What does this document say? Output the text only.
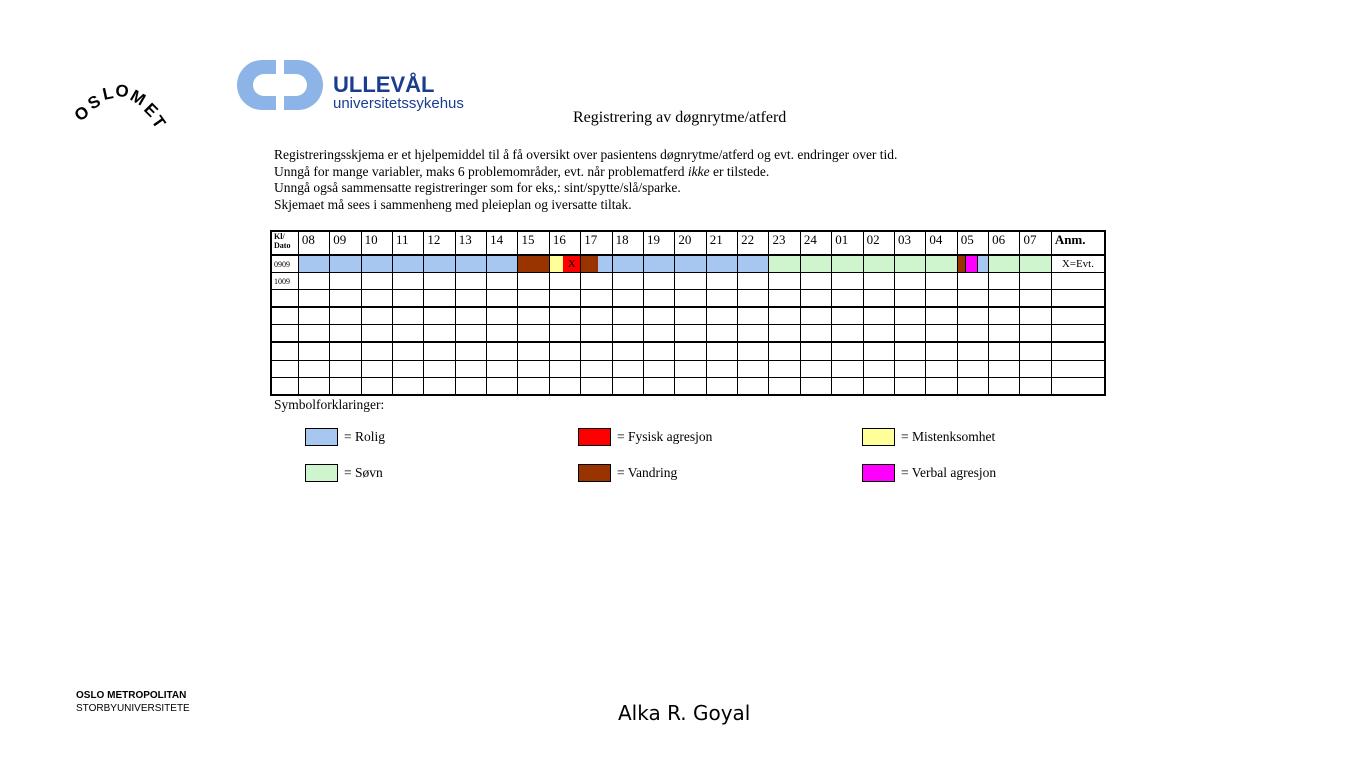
O
S
L O
M
E
T
ULLEVÅL
universitetssykehus
Registrering av døgnrytme/atferd
Registreringsskjema er et hjelpemiddel til å få oversikt over pasientens døgnrytme/atferd og evt. endringer over tid.
Unngå for mange variabler, maks 6 problemområder, evt. når problematferd ikke er tilstede.
Unngå også sammensatte registreringer som for eks,: sint/spytte/slå/sparke.
Skjemaet må sees i sammenheng med pleieplan og iversatte tiltak.
Kl/
Dato	08	09	10	11	12	13	14	15	16	17	18	19	20	21	22	23	24	01	02	03	04	05	06	07	Anm.
0909									X																X=Evt.
1009																									

Symbolforklaringer:
= Rolig
= Søvn
= Fysisk agresjon
= Vandring
= Mistenksomhet
= Verbal agresjon
OSLO METROPOLITAN
STORBYUNIVERSITETE	Alka R. Goyal
